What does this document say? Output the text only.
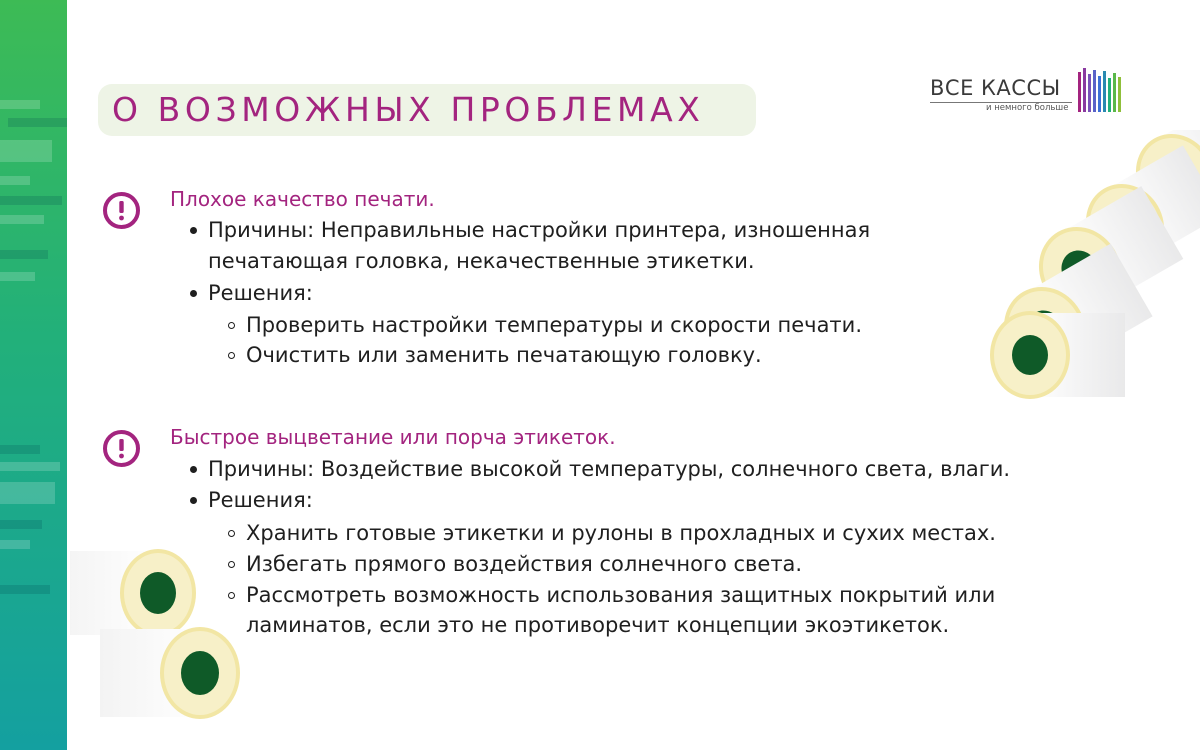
О ВОЗМОЖНЫХ ПРОБЛЕМАХ
ВСЕ КАССЫ
и немного больше
Плохое качество печати.
Причины: Неправильные настройки принтера, изношенная
печатающая головка, некачественные этикетки.
Решения:
Проверить настройки температуры и скорости печати.
Очистить или заменить печатающую головку.
Быстрое выцветание или порча этикеток.
Причины: Воздействие высокой температуры, солнечного света, влаги.
Решения:
Хранить готовые этикетки и рулоны в прохладных и сухих местах.
Избегать прямого воздействия солнечного света.
Рассмотреть возможность использования защитных покрытий или
ламинатов, если это не противоречит концепции экоэтикеток.
